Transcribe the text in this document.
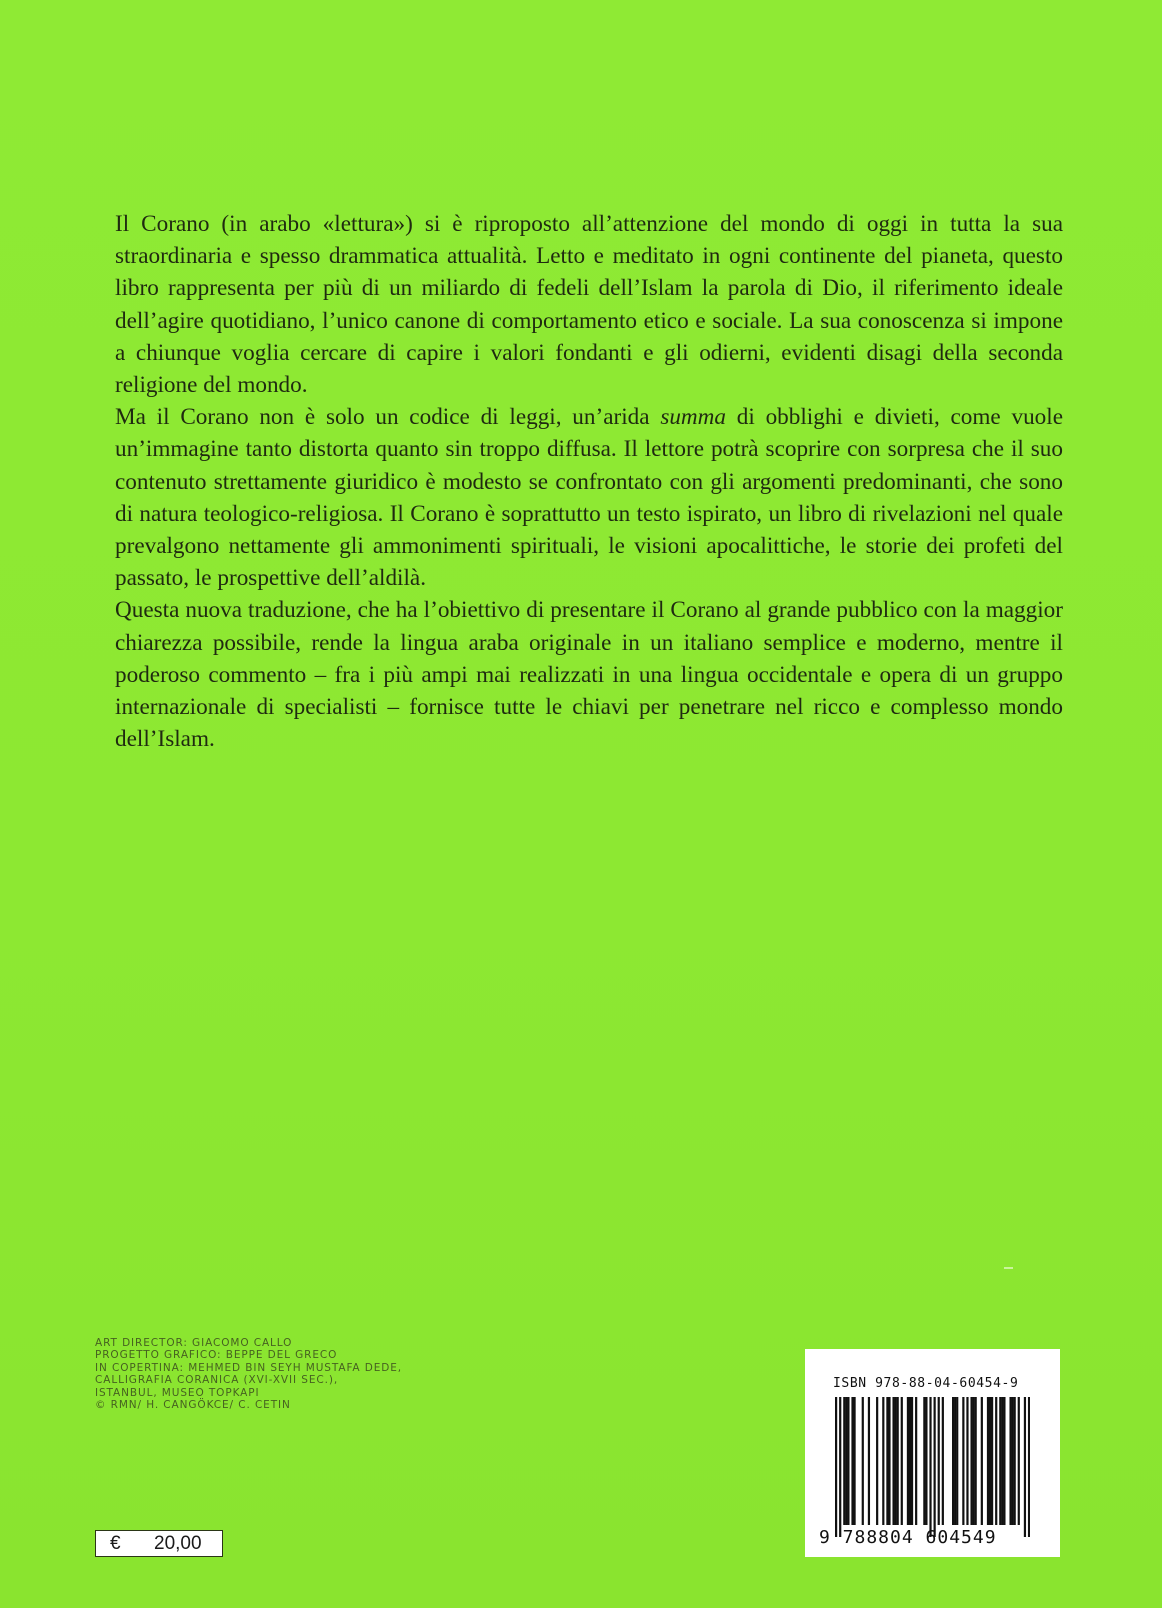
Il Corano (in arabo «lettura») si è riproposto all’attenzione del mondo di oggi in tutta la sua straordinaria e spesso drammatica attualità. Letto e meditato in ogni continente del pianeta, questo libro rappresenta per più di un miliardo di fedeli dell’Islam la parola di Dio, il riferimento ideale dell’agire quotidiano, l’unico canone di comportamento etico e sociale. La sua conoscenza si impone a chiunque voglia cercare di capire i valori fondanti e gli odierni, evidenti disagi della seconda religione del mondo.

Ma il Corano non è solo un codice di leggi, un’arida summa di obblighi e divieti, come vuole un’immagine tanto distorta quanto sin troppo diffusa. Il lettore potrà scoprire con sorpresa che il suo contenuto strettamente giuridico è modesto se confrontato con gli argomenti predominanti, che sono di natura teologico-religiosa. Il Corano è soprattutto un testo ispirato, un libro di rivelazioni nel quale prevalgono nettamente gli ammonimenti spirituali, le visioni apocalittiche, le storie dei profeti del passato, le prospettive dell’aldilà.

Questa nuova traduzione, che ha l’obiettivo di presentare il Corano al grande pubblico con la maggior chiarezza possibile, rende la lingua araba originale in un italiano semplice e moderno, mentre il poderoso commento – fra i più ampi mai realizzati in una lingua occidentale e opera di un gruppo internazionale di specialisti – fornisce tutte le chiavi per penetrare nel ricco e complesso mondo dell’Islam.

ART DIRECTOR: GIACOMO CALLO
PROGETTO GRAFICO: BEPPE DEL GRECO
IN COPERTINA: MEHMED BIN SEYH MUSTAFA DEDE,
CALLIGRAFIA CORANICA (XVI-XVII SEC.),
ISTANBUL, MUSEO TOPKAPI
© RMN/ H. CANGÖKCE/ C. CETIN
€	20,00
ISBN 978-88-04-60454-9
9 788804 604549
